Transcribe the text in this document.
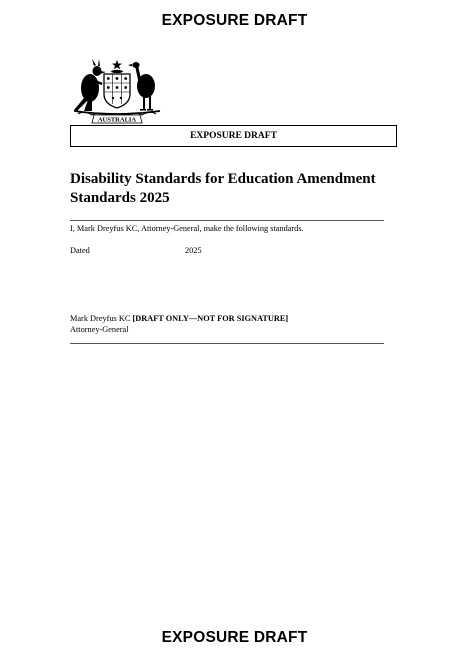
EXPOSURE DRAFT
AUSTRALIA
EXPOSURE DRAFT
Disability Standards for Education Amendment Standards 2025
I, Mark Dreyfus KC, Attorney-General, make the following standards.
Dated	2025
Mark Dreyfus KC [DRAFT ONLY—NOT FOR SIGNATURE]
Attorney-General
EXPOSURE DRAFT
